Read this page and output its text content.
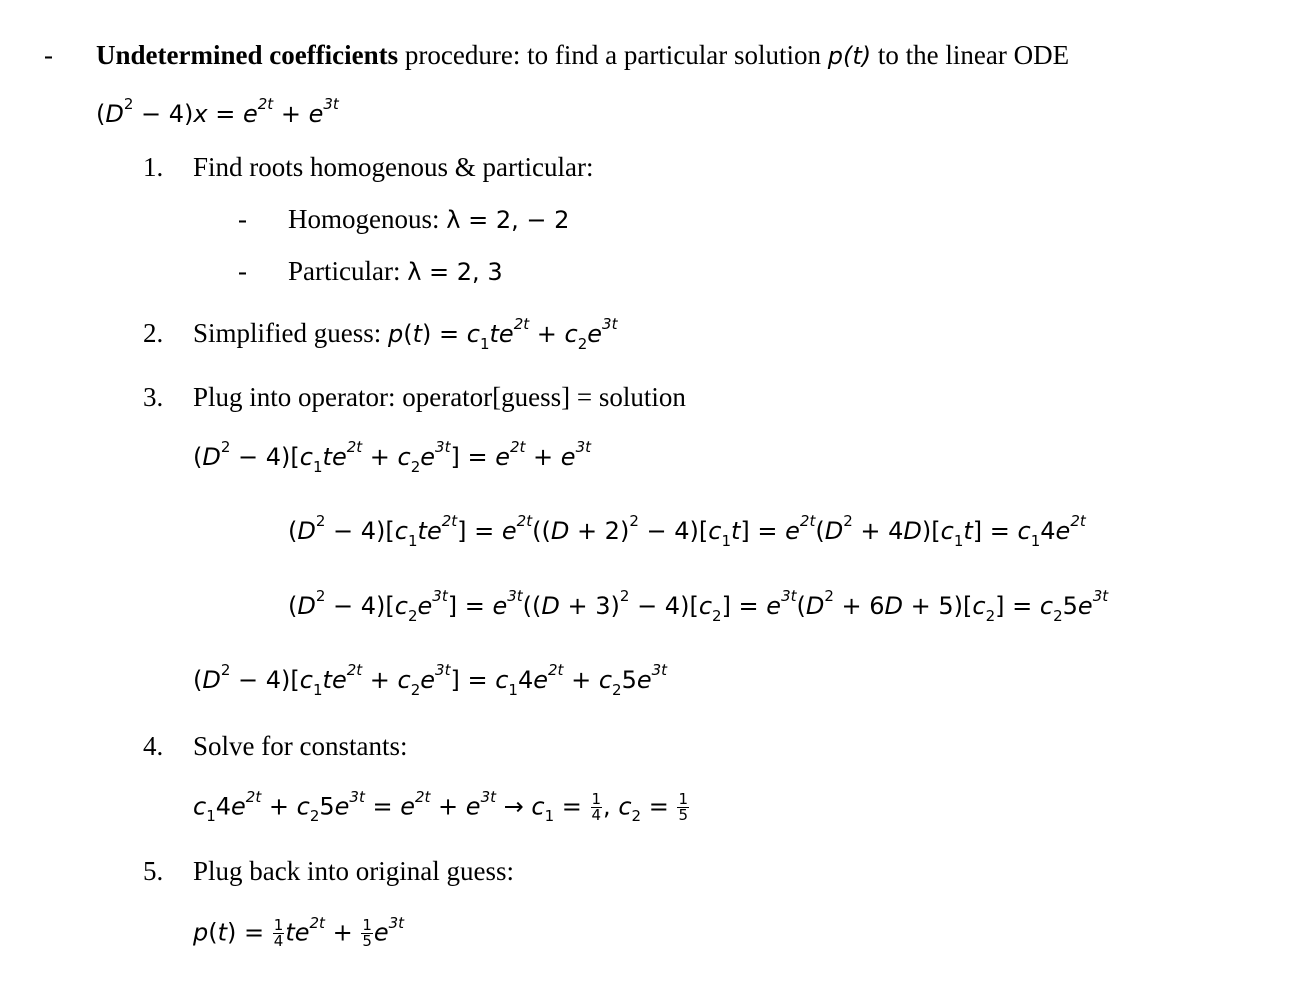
- Undetermined coefficients procedure: to find a particular solution p(t) to the linear ODE
$(D^2 - 4)x = e^{2t} + e^{3t}$
1. Find roots homogenous & particular:
- Homogenous: λ = 2, − 2
- Particular: λ = 2, 3
2. Simplified guess: $p(t) = c_1te^{2t} + c_2e^{3t}$
3. Plug into operator: operator[guess] = solution
$(D^2 - 4)[c_1te^{2t} + c_2e^{3t}] = e^{2t} + e^{3t}$
$(D^2 - 4)[c_1te^{2t}] = e^{2t}((D + 2)^2 - 4)[c_1t] = e^{2t}(D^2 + 4D)[c_1t] = c_14e^{2t}$
$(D^2 - 4)[c_2e^{3t}] = e^{3t}((D + 3)^2 - 4)[c_2] = e^{3t}(D^2 + 6D + 5)[c_2] = c_25e^{3t}$
$(D^2 - 4)[c_1te^{2t} + c_2e^{3t}] = c_14e^{2t} + c_25e^{3t}$
4. Solve for constants:
$c_14e^{2t} + c_25e^{3t} = e^{2t} + e^{3t} \to c_1 = \frac{1}{4}$ , $c_2 = \frac{1}{5}$
5. Plug back into original guess:
$p(t) = \frac{1}{4} te^{2t} + \frac{1}{5} e^{3t}$
